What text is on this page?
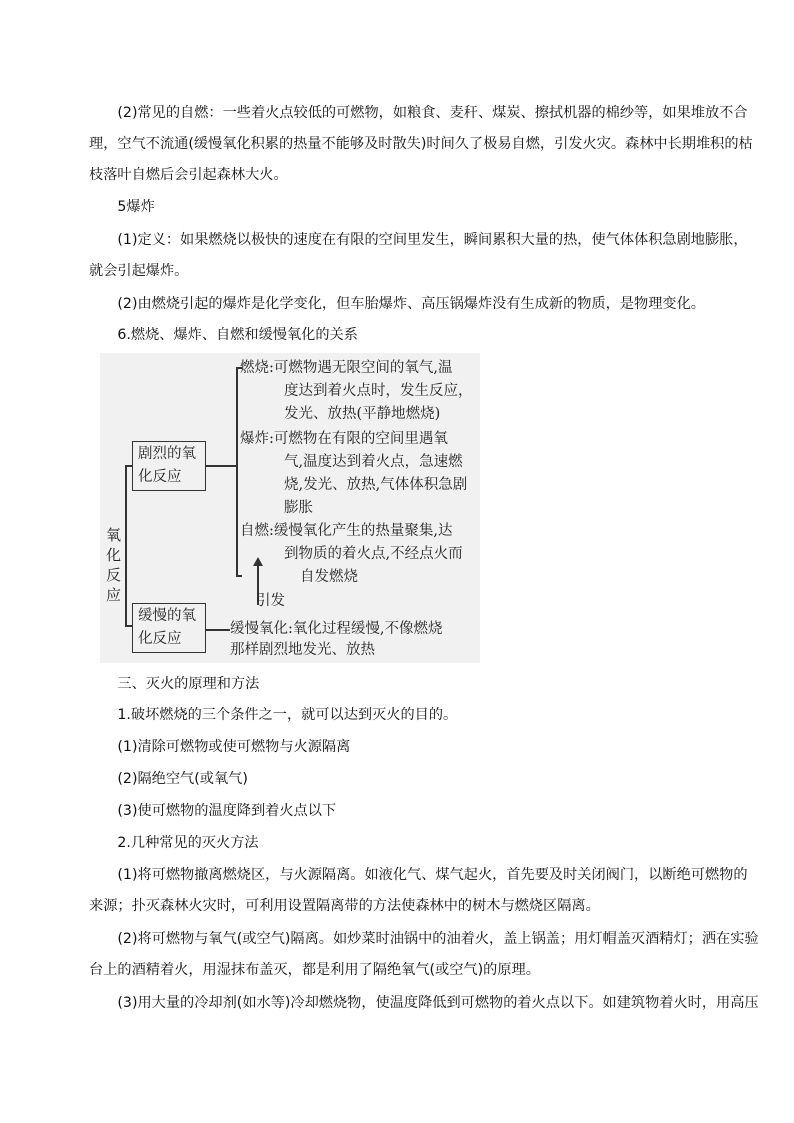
(2)常见的自燃：一些着火点较低的可燃物，如粮食、麦秆、煤炭、擦拭机器的棉纱等，如果堆放不合
理，空气不流通(缓慢氧化积累的热量不能够及时散失)时间久了极易自燃，引发火灾。森林中长期堆积的枯
枝落叶自燃后会引起森林大火。
5爆炸
(1)定义：如果燃烧以极快的速度在有限的空间里发生，瞬间累积大量的热，使气体体积急剧地膨胀，
就会引起爆炸。
(2)由燃烧引起的爆炸是化学变化，但车胎爆炸、高压锅爆炸没有生成新的物质，是物理变化。
6.燃烧、爆炸、自燃和缓慢氧化的关系
氧
化
反
应
剧烈的氧
化反应
缓慢的氧
化反应
燃烧:可燃物遇无限空间的氧气,温
度达到着火点时，发生反应，
发光、放热(平静地燃烧)
爆炸:可燃物在有限的空间里遇氧
气,温度达到着火点，急速燃
烧,发光、放热,气体体积急剧
膨胀
自燃:缓慢氧化产生的热量聚集,达
到物质的着火点,不经点火而
自发燃烧
引发
缓慢氧化:氧化过程缓慢,不像燃烧
那样剧烈地发光、放热
三、灭火的原理和方法
1.破坏燃烧的三个条件之一，就可以达到灭火的目的。
(1)清除可燃物或使可燃物与火源隔离
(2)隔绝空气(或氧气)
(3)使可燃物的温度降到着火点以下
2.几种常见的灭火方法
(1)将可燃物撤离燃烧区，与火源隔离。如液化气、煤气起火，首先要及时关闭阀门，以断绝可燃物的
来源；扑灭森林火灾时，可利用设置隔离带的方法使森林中的树木与燃烧区隔离。
(2)将可燃物与氧气(或空气)隔离。如炒菜时油锅中的油着火，盖上锅盖；用灯帽盖灭酒精灯；洒在实验
台上的酒精着火，用湿抹布盖灭，都是利用了隔绝氧气(或空气)的原理。
(3)用大量的冷却剂(如水等)冷却燃烧物，使温度降低到可燃物的着火点以下。如建筑物着火时，用高压
